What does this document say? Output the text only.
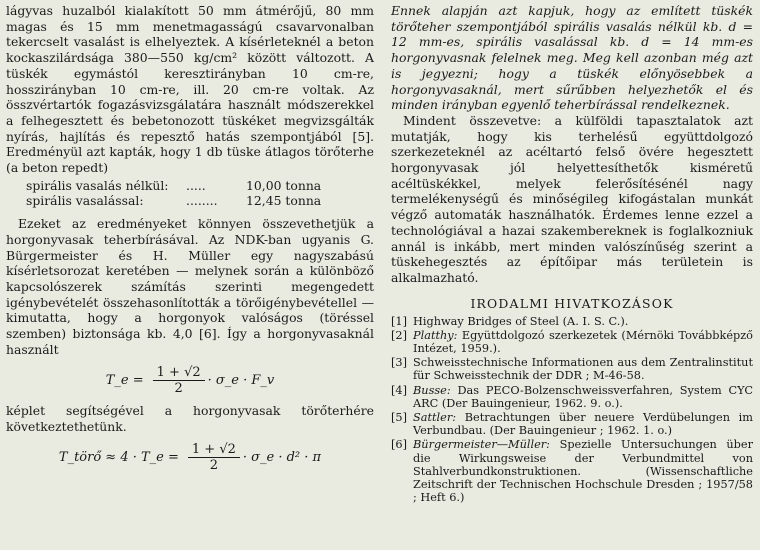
lágyvas huzalból kialakított 50 mm átmérőjű, 80 mm magas és 15 mm menetmagasságú csavarvonalban tekercselt vasalást is elhelyeztek. A kísérleteknél a beton kockaszilárdsága 380—550 kg/cm² között változott. A tüskék egymástól keresztirányban 10 cm-re, hosszirányban 10 cm-re, ill. 20 cm-re voltak. Az összvértartók fogazásvizsgálatára használt módszerekkel a felhegesztett és bebetonozott tüskéket megvizsgálták nyírás, hajlítás és repesztő hatás szempontjából [5]. Eredményül azt kapták, hogy 1 db tüske átlagos törőterhe (a beton repedt)

spirális vasalás nélkül:	.....	10,00 tonna
spirális vasalással:	........	12,45 tonna

Ezeket az eredményeket könnyen összevethetjük a horgonyvasak teherbírásával. Az NDK-ban ugyanis G. Bürgermeister és H. Müller egy nagyszabású kísérletsorozat keretében — melynek során a különböző kapcsolószerek számítás szerinti megengedett igénybevételét összehasonlították a törőigénybevétellel — kimutatta, hogy a horgonyok valóságos (töréssel szemben) biztonsága kb. 4,0 [6]. Így a horgonyvasaknál használt

T_e = $\frac{1 + √2}{2}$ · σ_e · F_v

képlet segítségével a horgonyvasak törőterhére következtethetünk.

T_törő ≈ 4 · T_e = $\frac{1 + √2}{2}$ · σ_e · d² · π

Ennek alapján azt kapjuk, hogy az említett tüskék törőteher szempontjából spirális vasalás nélkül kb. d = 12 mm-es, spirális vasalással kb. d = 14 mm-es horgonyvasnak felelnek meg. Meg kell azonban még azt is jegyezni; hogy a tüskék előnyösebbek a horgonyvasaknál, mert sűrűbben helyezhetők el és minden irányban egyenlő teherbírással rendelkeznek.

Mindent összevetve: a külföldi tapasztalatok azt mutatják, hogy kis terhelésű együttdolgozó szerkezeteknél az acéltartó felső övére hegesztett horgonyvasak jól helyettesíthetők kisméretű acéltüskékkel, melyek felerősítésénél nagy termelékenységű és minőségileg kifogástalan munkát végző automaták használhatók. Érdemes lenne ezzel a technológiával a hazai szakembereknek is foglalkozniuk annál is inkább, mert minden valószínűség szerint a tüskehegesztés az építőipar más területein is alkalmazható.

IRODALMI HIVATKOZÁSOK
[1] Highway Bridges of Steel (A. I. S. C.).
[2] Platthy: Együttdolgozó szerkezetek (Mérnöki Továbbképző Intézet, 1959.).
[3] Schweisstechnische Informationen aus dem Zentralinstitut für Schweisstechnik der DDR ; M-46-58.
[4] Busse: Das PECO-Bolzenschweissverfahren, System CYC ARC (Der Bauingenieur, 1962. 9. o.).
[5] Sattler: Betrachtungen über neuere Verdübelungen im Verbundbau. (Der Bauingenieur ; 1962. 1. o.)
[6] Bürgermeister—Müller: Spezielle Untersuchungen über die Wirkungsweise der Verbundmittel von Stahlverbundkonstruktionen. (Wissenschaftliche Zeitschrift der Technischen Hochschule Dresden ; 1957/58 ; Heft 6.)
